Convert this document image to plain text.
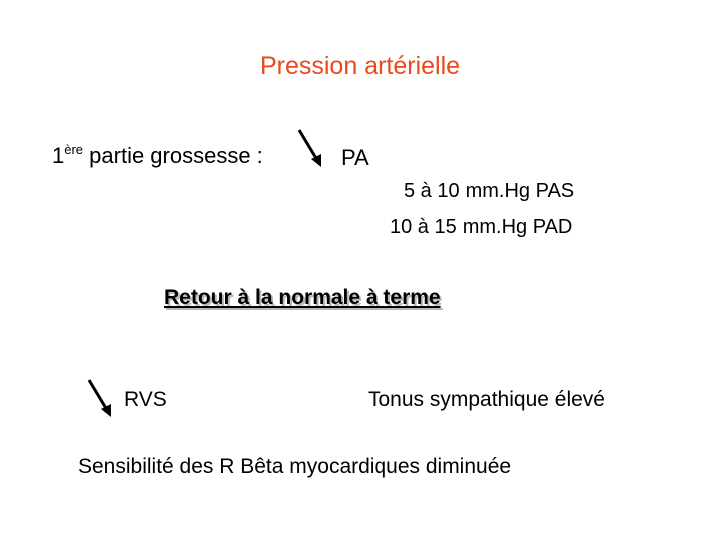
Pression artérielle
1ère partie grossesse :	PA
5 à 10 mm.Hg PAS
10 à 15 mm.Hg PAD
Retour à la normale à terme
RVS	Tonus sympathique élevé
Sensibilité des R Bêta myocardiques diminuée
